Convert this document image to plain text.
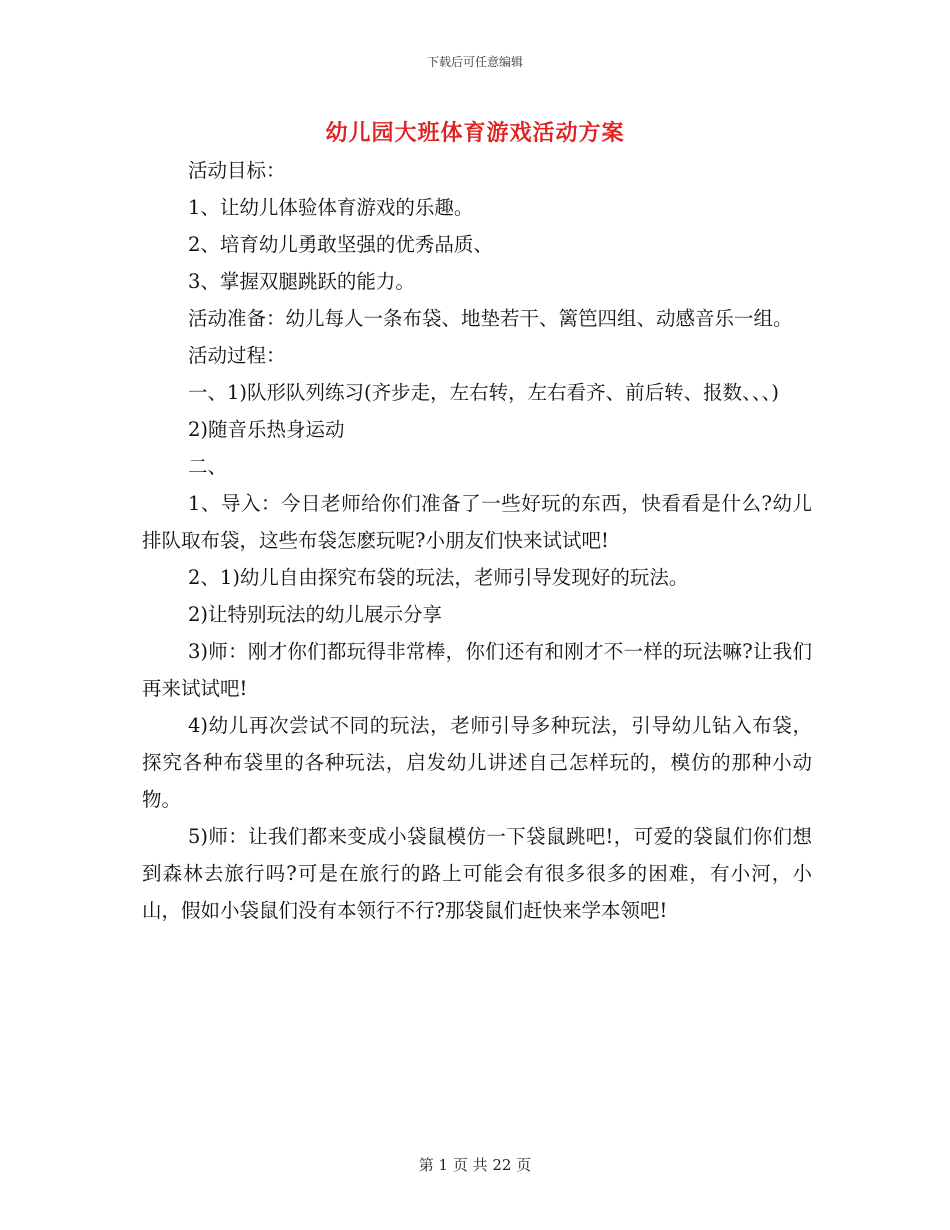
下载后可任意编辑
幼儿园大班体育游戏活动方案

活动目标：

1、让幼儿体验体育游戏的乐趣。

2、培育幼儿勇敢坚强的优秀品质、

3、掌握双腿跳跃的能力。

活动准备：幼儿每人一条布袋、地垫若干、篱笆四组、动感音乐一组。

活动过程：

一、1)队形队列练习(齐步走，左右转，左右看齐、前后转、报数、、、)

2)随音乐热身运动

二、

1、导入：今日老师给你们准备了一些好玩的东西，快看看是什么?幼儿排队取布袋，这些布袋怎麽玩呢?小朋友们快来试试吧!

2、1)幼儿自由探究布袋的玩法，老师引导发现好的玩法。

2)让特别玩法的幼儿展示分享

3)师：刚才你们都玩得非常棒，你们还有和刚才不一样的玩法嘛?让我们再来试试吧!

4)幼儿再次尝试不同的玩法，老师引导多种玩法，引导幼儿钻入布袋，探究各种布袋里的各种玩法，启发幼儿讲述自己怎样玩的，模仿的那种小动物。

5)师：让我们都来变成小袋鼠模仿一下袋鼠跳吧!，可爱的袋鼠们你们想到森林去旅行吗?可是在旅行的路上可能会有很多很多的困难，有小河，小山，假如小袋鼠们没有本领行不行?那袋鼠们赶快来学本领吧!

第 1 页 共 22 页
